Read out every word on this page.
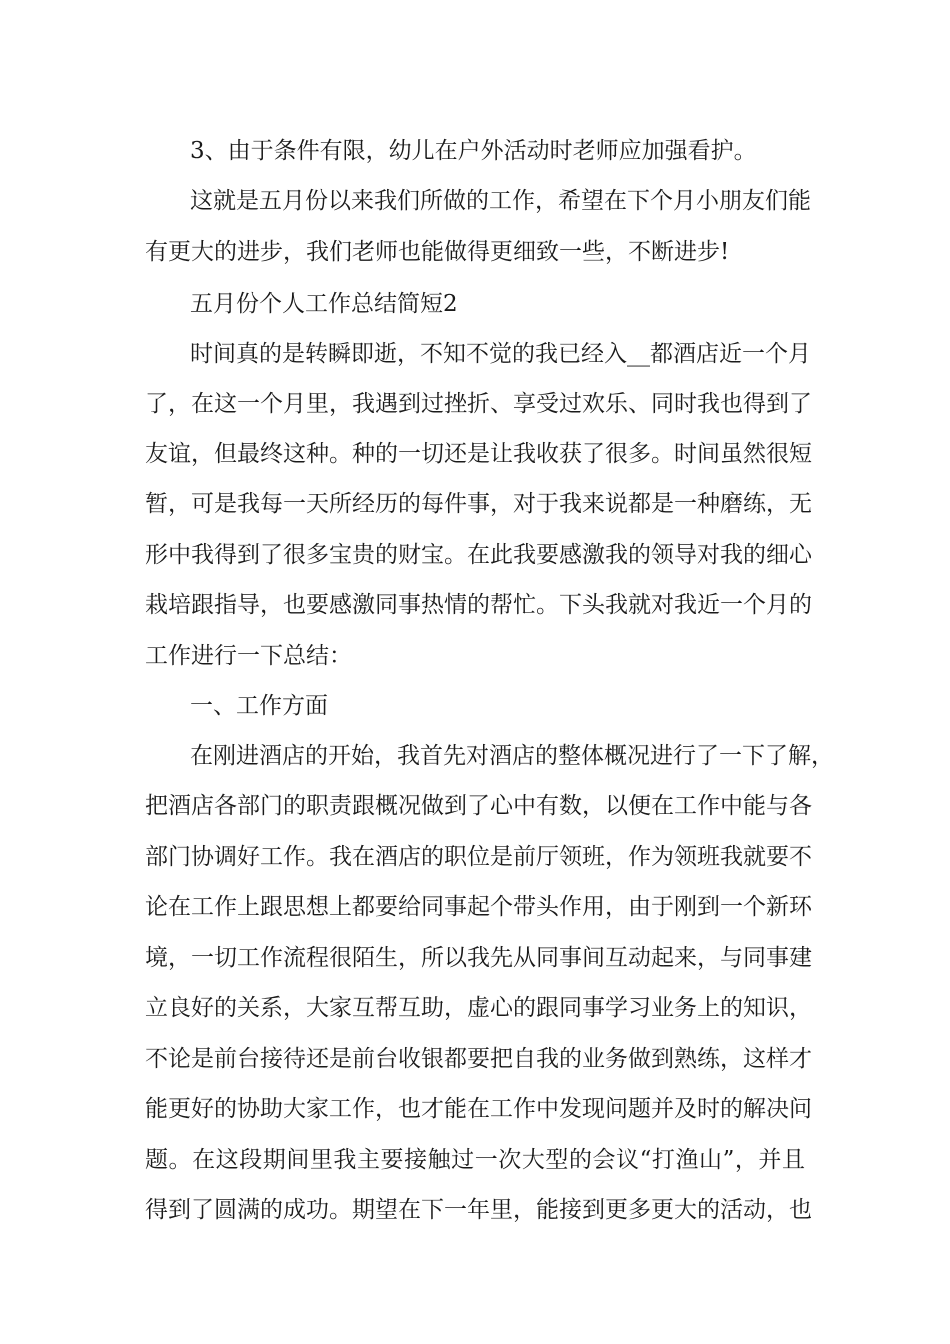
3、由于条件有限，幼儿在户外活动时老师应加强看护。
这就是五月份以来我们所做的工作，希望在下个月小朋友们能
有更大的进步，我们老师也能做得更细致一些，不断进步!
五月份个人工作总结简短2
时间真的是转瞬即逝，不知不觉的我已经入__都酒店近一个月
了，在这一个月里，我遇到过挫折、享受过欢乐、同时我也得到了
友谊，但最终这种。种的一切还是让我收获了很多。时间虽然很短
暂，可是我每一天所经历的每件事，对于我来说都是一种磨练，无
形中我得到了很多宝贵的财宝。在此我要感激我的领导对我的细心
栽培跟指导，也要感激同事热情的帮忙。下头我就对我近一个月的
工作进行一下总结：
一、工作方面
在刚进酒店的开始，我首先对酒店的整体概况进行了一下了解，
把酒店各部门的职责跟概况做到了心中有数，以便在工作中能与各
部门协调好工作。我在酒店的职位是前厅领班，作为领班我就要不
论在工作上跟思想上都要给同事起个带头作用，由于刚到一个新环
境，一切工作流程很陌生，所以我先从同事间互动起来，与同事建
立良好的关系，大家互帮互助，虚心的跟同事学习业务上的知识，
不论是前台接待还是前台收银都要把自我的业务做到熟练，这样才
能更好的协助大家工作，也才能在工作中发现问题并及时的解决问
题。在这段期间里我主要接触过一次大型的会议“打渔山”，并且
得到了圆满的成功。期望在下一年里，能接到更多更大的活动，也
